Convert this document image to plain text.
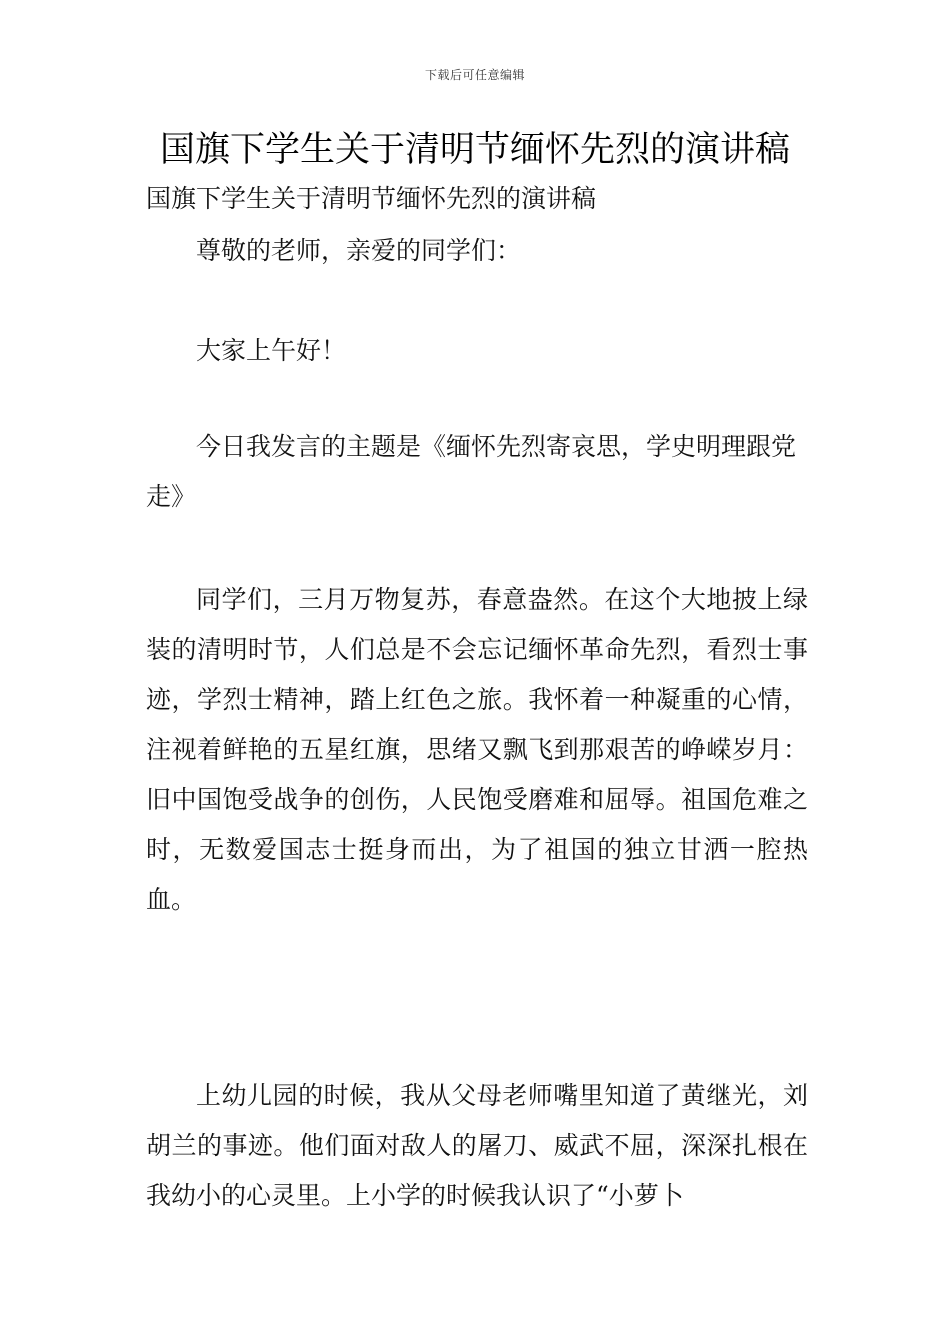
下载后可任意编辑
国旗下学生关于清明节缅怀先烈的演讲稿
国旗下学生关于清明节缅怀先烈的演讲稿
尊敬的老师，亲爱的同学们：
大家上午好！
今日我发言的主题是《缅怀先烈寄哀思，学史明理跟党走》
同学们，三月万物复苏，春意盎然。在这个大地披上绿装的清明时节，人们总是不会忘记缅怀革命先烈，看烈士事迹，学烈士精神，踏上红色之旅。我怀着一种凝重的心情，注视着鲜艳的五星红旗，思绪又飘飞到那艰苦的峥嵘岁月：旧中国饱受战争的创伤，人民饱受磨难和屈辱。祖国危难之时，无数爱国志士挺身而出，为了祖国的独立甘洒一腔热血。
上幼儿园的时候，我从父母老师嘴里知道了黄继光，刘胡兰的事迹。他们面对敌人的屠刀、威武不屈，深深扎根在我幼小的心灵里。上小学的时候我认识了“小萝卜
